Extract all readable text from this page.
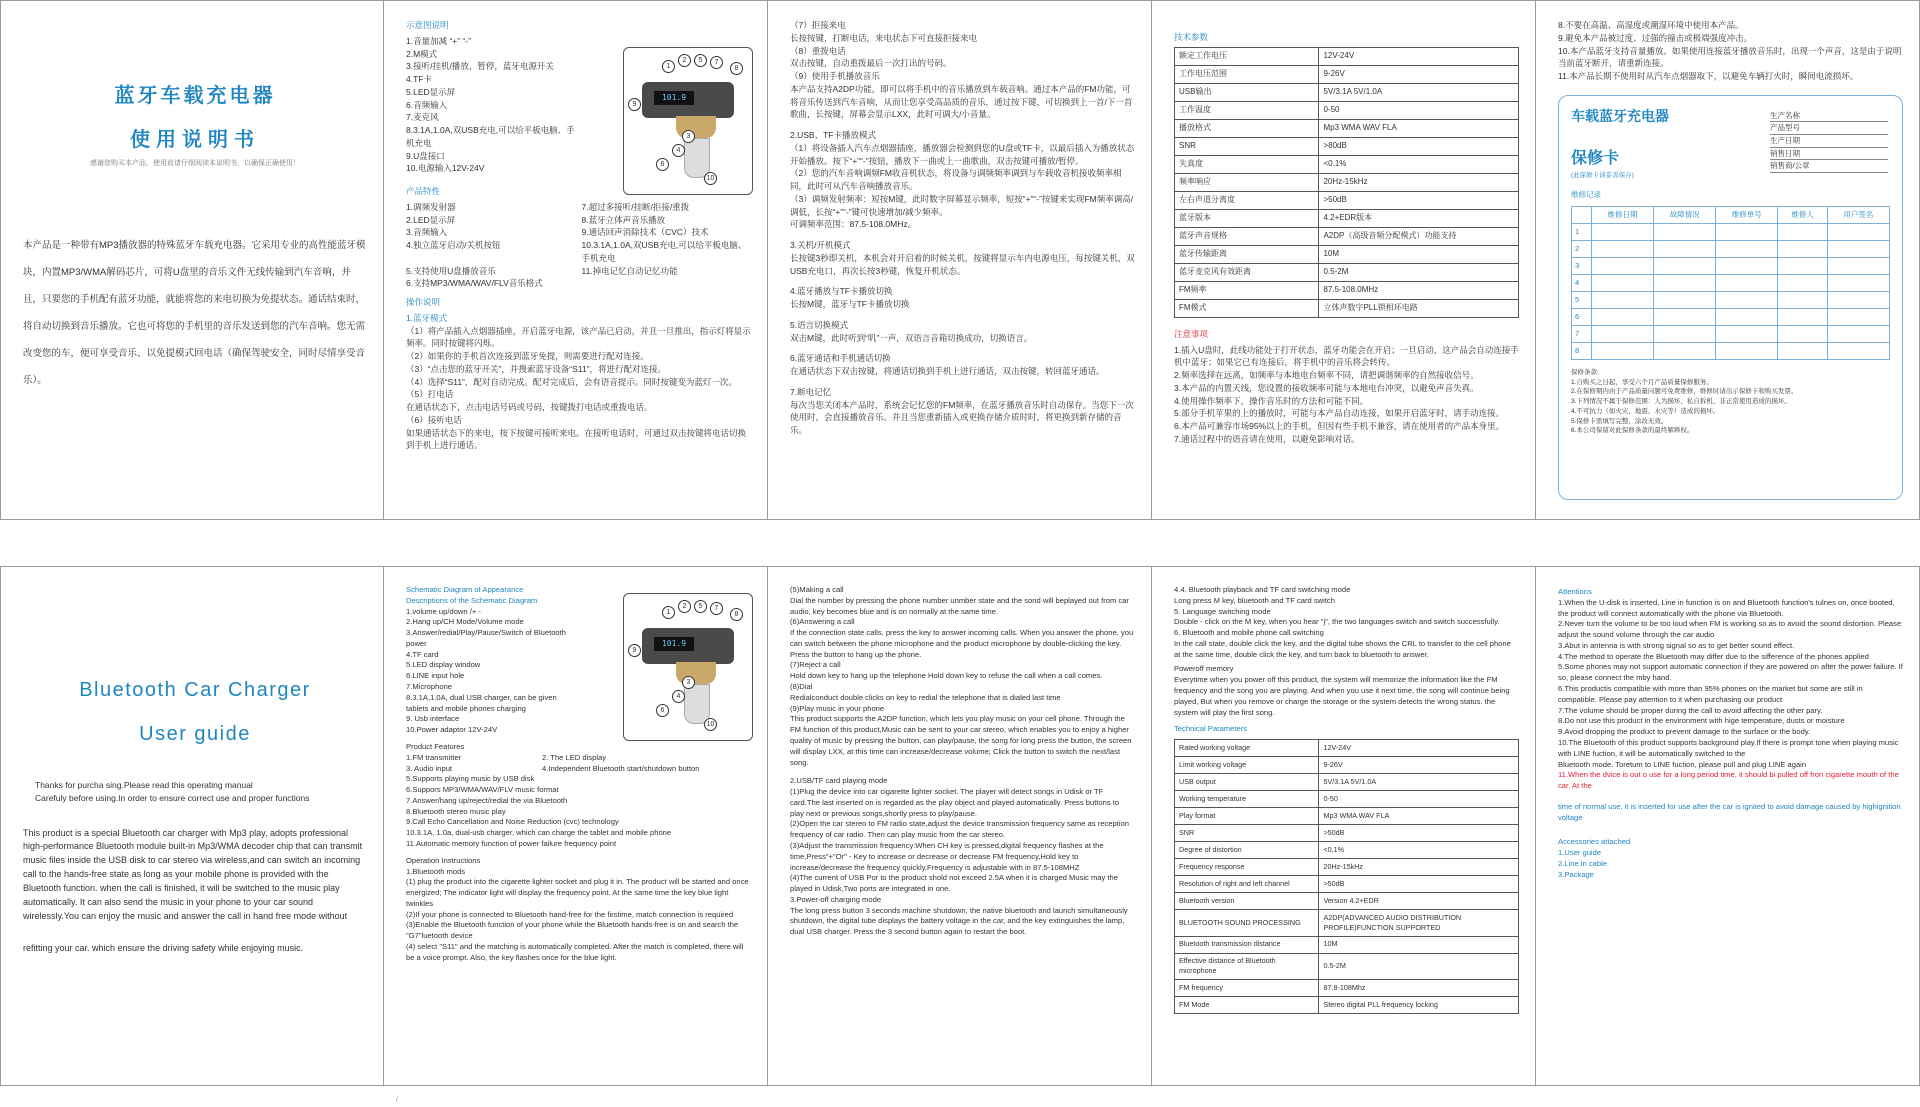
蓝牙车载充电器
使用说明书
感谢您购买本产品，使用前请仔细阅读本说明书，以确保正确使用！
本产品是一种带有MP3播放器的特殊蓝牙车载充电器。它采用专业的高性能蓝牙模块，内置MP3/WMA解码芯片，可将U盘里的音乐文件无线传输到汽车音响，并且，只要您的手机配有蓝牙功能，就能将您的来电切换为免提状态。通话结束时，将自动切换到音乐播放。它也可将您的手机里的音乐发送到您的汽车音响。您无需改变您的车，便可享受音乐、以免提模式回电话（确保驾驶安全，同时尽情享受音乐）。
示意图说明
1.音量加减 “+” “-”
2.M模式
3.接听/挂机/播放，暂停，蓝牙电源开关
4.TF卡
5.LED显示屏
6.音频输入
7.麦克风
8.3.1A,1.0A,双USB充电,可以给平板电脑、手机充电
9.U盘接口
10.电源输入12V-24V
101.9
1
2
3
4
5
6
7
8
9
10
产品特性
1.调频发射器	7.超过多接听/挂断/拒接/重拨
2.LED显示屏	8.蓝牙立体声音乐播放
3.音频输入	9.通话回声消除技术（CVC）技术
4.独立蓝牙启动/关机按钮	10.3.1A,1.0A,双USB充电,可以给平板电脑、手机充电
5.支持使用U盘播放音乐	11.掉电记忆自动记忆功能
6.支持MP3/WMA/WAV/FLV音乐格式
操作说明
1.蓝牙模式
（1）将产品插入点烟器插座，开启蓝牙电源，该产品已启动，并且一旦推出，指示灯将显示频率。同时按键将闪烁。
（2）如果你的手机首次连接到蓝牙免提，则需要进行配对连接。
（3）“点击您的蓝牙开关”，并搜索蓝牙设备“S11”，将进行配对连接。
（4）选择“S11”，配对自动完成。配对完成后，会有语音提示。同时按键变为蓝灯一次。
（5）打电话
在通话状态下，点击电话号码或号码，按键拨打电话或重拨电话。
（6）接听电话
如果通话状态下的来电，按下按键可接听来电。在接听电话时，可通过双击按键将电话切换到手机上进行通话。
（7）拒接来电
长按按键，打断电话，来电状态下可直接拒接来电
（8）重拨电话
双击按键，自动重拨最后一次打出的号码。
（9）使用手机播放音乐
本产品支持A2DP功能，即可以将手机中的音乐播放到车载音响。通过本产品的FM功能，可将音乐传送到汽车音响，从而让您享受高品质的音乐，通过按下键，可切换到上一首/下一首歌曲，长按键，屏幕会显示LXX，此时可调大/小音量。
2.USB、TF卡播放模式
（1）将设备插入汽车点烟器插座，播放器会检测到您的U盘或TF卡，以最后插入为播放状态开始播放。按下“+”“-”按钮，播放下一曲或上一曲歌曲，双击按键可播放/暂停。
（2）您的汽车音响调频FM收音机状态，将设备与调频频率调到与车载收音机接收频率相同，此时可从汽车音响播放音乐。
（3）调频发射频率：短按M键，此时数字屏幕显示频率，短按“+”“-”按键来实现FM频率调高/调低，长按“+”“-”键可快速增加/减少频率。
可调频率范围：87.5-108.0MHz。
3.关机/开机模式
长按键3秒即关机，本机会对开启着的时候关机，按键将显示车内电源电压，每按键关机，双USB充电口，再次长按3秒键，恢复开机状态。
4.蓝牙播放与TF卡播放切换
长按M键，蓝牙与TF卡播放切换
5.语言切换模式
双击M键，此时听到“叽”一声，双语言音箱切换成功，切换语言。
6.蓝牙通话和手机通话切换
在通话状态下双击按键，将通话切换到手机上进行通话，双击按键，转回蓝牙通话。
7.断电记忆
每次当您关闭本产品时，系统会记忆您的FM频率，在蓝牙播放音乐时自动保存。当您下一次使用时，会直接播放音乐。并且当您重新插入或更换存储介质时时，将更换到新存储的音乐。
技术参数
额定工作电压	12V-24V
工作电压范围	9-26V
USB输出	5V/3.1A 5V/1.0A
工作温度	0-50
播放格式	Mp3 WMA WAV FLA
SNR	>80dB
失真度	<0.1%
频率响应	20Hz-15kHz
左右声道分离度	>50dB
蓝牙版本	4.2+EDR版本
蓝牙声音规格	A2DP（高级音频分配模式）功能支持
蓝牙传输距离	10M
蓝牙麦克风有效距离	0.5-2M
FM频率	87.5-108.0MHz
FM模式	立体声数字PLL锁相环电路
注意事项
1.插入U盘时，此线功能处于打开状态，蓝牙功能会在开启；一旦启动，这产品会自动连接手机中蓝牙；如果它已有连接后，将手机中的音乐将会转传。
2.频率选择在远离，如频率与本地电台频率不同，请把调谐频率的自然接收信号。
3.本产品的内置天线，您设置的接收频率可能与本地电台冲突，以避免声音失真。
4.使用操作频率下，操作音乐时的方法和可能不同。
5.部分手机苹果的上的播放时，可能与本产品自动连接，如果开启蓝牙时，请手动连接。
6.本产品可兼容市场95%以上的手机，但因有些手机不兼容，请在使用者的产品本身里。
7.通话过程中的语音请在使用，以避免影响对话。
8.不要在高温、高湿度或潮湿环境中使用本产品。
9.避免本产品被过度、过强的撞击或极端强度冲击。
10.本产品蓝牙支持音量播放。如果使用连接蓝牙播放音乐时，出现一个声音，这是由于说明当前蓝牙断开，请重新连接。
11.本产品长期不使用时从汽车点烟器取下，以避免车辆打火时，瞬间电流损坏。
车载蓝牙充电器
保修卡
(此保修卡请妥善保存)
生产名称
产品型号
生产日期
销售日期
销售商/公章
维修记录
	维修日期	故障情况	维修单号	维修人	用户签名
1					
2					
3					
4					
5					
6					
7					
8					
保修条款:
1.自购买之日起，享受六个月产品质量保修服务。
2.在保修期内由于产品质量问题可免费维修，维修时请出示保修卡和购买发票。
3.下列情况不属于保修范围：人为损坏、私自拆机、非正常使用造成的损坏。
4.不可抗力（如火灾、地震、水灾等）造成的损坏。
5.保修卡需填写完整，涂改无效。
6.本公司保留对此保修条款的最终解释权。
Bluetooth Car Charger
User guide
Thanks for purcha sing.Please read this operating manual
Carefuly before using.In order to ensure correct use and proper functions

This product is a special Bluetooth car charger with Mp3 play, adopts professional high-performance Bluetooth module built-in Mp3/WMA decoder chip that can transmit music files inside the USB disk to car stereo via wireless,and can switch an incoming call to the hands-free state as long as your mobile phone is provided with the Bluetooth function. when the call is finished, it will be switched to the music play automatically. It can also send the music in your phone to your car sound wirelessly.You can enjoy the music and answer the call in hand free mode without

refitting your car. which ensure the driving safety while enjoying music.

Schematic Diagram of Appearance
Descriptions of the Schematic Diagram
1.volume up/down /+ -
2.Hang up/CH Mode/Volume mode
3.Answer/redial/Play/Pause/Switch of Bluetooth power
4.TF card
5.LED display window
6.LINE input hole
7.Microphone
8.3.1A,1.0A, dual USB charger, can be given tablets and mobile phones charging
9. Usb interface
10.Power adaptor 12V-24V
101.9
1
2
3
4
5
6
7
8
9
10
Product Features
1.FM transmitter	2. The LED display
3. Audio input	4.Independent Bluetooth start/shutdown button
5.Supports playing music by USB disk
6.Suppors MP3/WMA/WAV/FLV music format
7.Answer/hang up/reject/redial the via Bluetooth
8.Bluetooth stereo music play
9.Call Echo Cancellation and Noise Reduction (cvc) technology
10.3.1A, 1.0a, dual-usb charger, which can charge the tablet and mobile phone
11.Automatic memory function of power failure frequency point
Operation Instructions
1.Bluetooth mods
(1) plug the product into the cigarette lighter socket and plug it in. The product will be started and once energized; The indicator light will display the frequency point. At the same time the key blue light twinkles
(2)If your phone is connected to Bluetooth hand-free for the firstime, match connection is required
(3)Enable the Bluetooth function of your phone while the Bluetooth hands-free is on and search the "G7"luetooth device
(4) select "S11" and the matching is automatically completed. After the match is completed, there will be a voice prompt. Also, the key flashes once for the blue light.
(5)Making a call
Dial the number by pressing the phone number unmber state and the sond will beplayed out from car audio, key becomes blue and is on normally at the same time.
(6)Answering a call
If the connection state calls, press the key to answer incoming calls. When you answer the phone, you can switch between the phone microphone and the product microphone by double-clicking the key. Press the button to hang up the phone.
(7)Reject a call
Hold down key to hang up the telephone Hold down key to refuse the call when a call comes.
(8)Dial
Redialconduct double clicks on key to redial the telephone that is dialed last time
(9)Play music in your phone
This product supports the A2DP function, which lets you play music on your cell phone. Through the FM function of this product,Music can be sent to your car stereo, which enables you to enjoy a higher quality of music by pressing the button, can play/pause, the song for long press the button, the screen will display LXX, at this time can increase/decrease volume; Click the button to switch the next/last song.
2.USB/TF card playing mode
(1)Plug the device into car cigarette lighter socket. The player will detect songs in Udisk or TF card.The last inserted on is regarded as the play object and played automatically. Press buttons to play next or previous songs,shortly press to play/pause.
(2)Open the car stereo to FM radio state,adjust the device transmission frequency same as reception frequency of car radio. Then can play music from the car stereo.
(3)Adjust the transmission frequency:When CH key is pressed,digital frequency flashes at the time,Press"+"Or" - Key to increase or decrease or decrease FM frequency,Hold key to increase/decrease the frequency quickly,Frequency is adjustable with in 87.5-108MHZ
(4)The current of USB Por to the product shold not exceed 2.5A when it is charged Music may the played in Udisk,Two ports are integrated in one.
3.Power-off charging mode
The long press button 3 seconds machine shutdown, the native bluetooth and launch simultaneously shutdown, the digital tube displays the battery voltage in the car, and the key extinguishes the lamp, dual USB charger. Press the 3 second button again to restart the boot.
4.4. Bluetooth playback and TF card switching mode
Long press M key, bluetooth and TF card switch
5. Language switching mode
Double - click on the M key, when you hear "j", the two languages switch and switch successfully.
6. Bluetooth and mobile phone call switching
In the call state, double click the key, and the digital tube shows the CRL to transfer to the cell phone at the same time, double click the key, and turn back to bluetooth to answer.
Poweroff memory
Everytime when you power off this product, the system will memorize the information like the FM frequency and the song you are playing. And when you use it next time, the song will continue being played, But when you remove or charge the storage or the system detects the wrong status. the system will play the first song.
Technical Parameters
Rated working voltage	12V-24V
Limit working voltage	9-26V
USB output	5V/3.1A 5V/1.0A
Working temperature	0-50
Play format	Mp3 WMA WAV FLA
SNR	>50dB
Degree of distortion	<0.1%
Frequency response	20Hz-15kHz
Resolution of right and left channel	>50dB
Bluetooth version	Version 4.2+EDR
BLUETOOTH SOUND PROCESSING	A2DP(ADVANCED AUDIO DISTRIBUTION PROFILE)FUNCTION SUPPORTED
Bluetooth transmission distance	10M
Effective distance of Bluetooth microphone	0.5-2M
FM frequency	87.8-108Mhz
FM Mode	Stereo digital PLL frequency locking
Attentions
1.When the U-disk is inserted, Line in function is on and Bluetooth function's tulnes on, once booted, the product will connect automatically with the phone via Bluetooth.
2.Never turn the volume to be too loud when FM is working so as to avoid the sound distortion. Please adjust the sound volume through the car audio
3.Abut in antenna is with strong signal so as to get better sound effect.
4.The method to operate the Bluetooth may differ due to the sifference of the phones applied
5.Some phones may not support automatic connection if they are powered on after the power failure. If so, please connect the mby hand.
6.This productis compatible with more than 95% phones on the market but some are still in compatible. Please pay attention to it when purchasing our product
7.The volume should be proper during the call to avoid affecting the other pary.
8.Do not use this product in the environment with hige temperature, dusts or moisture
9.Avoid dropping the product to prevent damage to the surface or the body.
10.The Bluetooth of this product supports background play.If there is prompt tone when playing music
with LINE fuction, it will be automatically switched to the
Bluetooth mode. Toretum to LINE fuction, please pull and plug LINE again
11.When the dvice is out o use for a long period time, it should bi pulled off fron cigarette mouth of the car. At the
time of normal use, it is inserted for use after the car is ignited to avoid damage caused by highignition voltage
Accessories attached
1.User guide
2.Line in cable
3.Package
/
